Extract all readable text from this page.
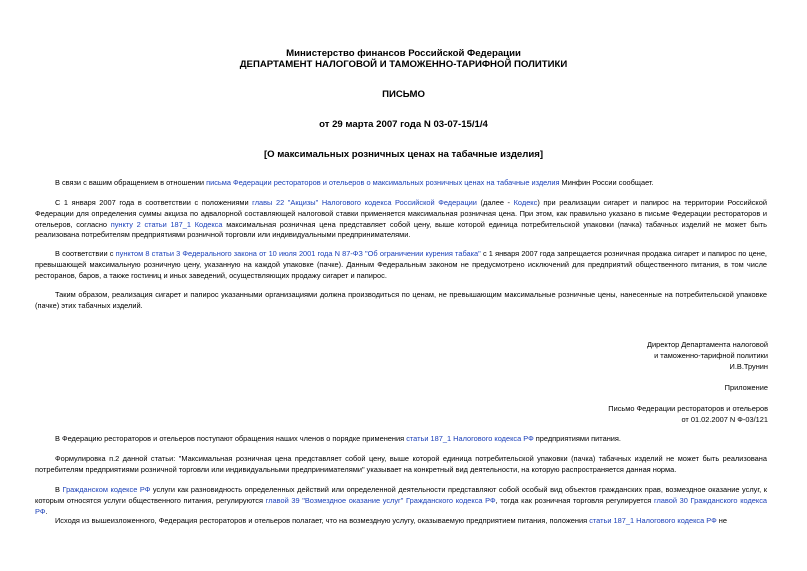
Министерство финансов Российской Федерации
ДЕПАРТАМЕНТ НАЛОГОВОЙ И ТАМОЖЕННО-ТАРИФНОЙ ПОЛИТИКИ
ПИСЬМО
от 29 марта 2007 года N 03-07-15/1/4
[О максимальных розничных ценах на табачные изделия]

В связи с вашим обращением в отношении письма Федерации рестораторов и отельеров о максимальных розничных ценах на табачные изделия Минфин России сообщает.

С 1 января 2007 года в соответствии с положениями главы 22 "Акцизы" Налогового кодекса Российской Федерации (далее - Кодекс) при реализации сигарет и папирос на территории Российской Федерации для определения суммы акциза по адвалорной составляющей налоговой ставки применяется максимальная розничная цена. При этом, как правильно указано в письме Федерации рестораторов и отельеров, согласно пункту 2 статьи 187_1 Кодекса максимальная розничная цена представляет собой цену, выше которой единица потребительской упаковки (пачка) табачных изделий не может быть реализована потребителям предприятиями розничной торговли или индивидуальными предпринимателями.

В соответствии с пунктом 8 статьи 3 Федерального закона от 10 июля 2001 года N 87-ФЗ "Об ограничении курения табака" с 1 января 2007 года запрещается розничная продажа сигарет и папирос по цене, превышающей максимальную розничную цену, указанную на каждой упаковке (пачке). Данным Федеральным законом не предусмотрено исключений для предприятий общественного питания, в том числе ресторанов, баров, а также гостиниц и иных заведений, осуществляющих продажу сигарет и папирос.

Таким образом, реализация сигарет и папирос указанными организациями должна производиться по ценам, не превышающим максимальные розничные цены, нанесенные на потребительской упаковке (пачке) этих табачных изделий.

Директор Департамента налоговой
и таможенно-тарифной политики
И.В.Трунин
Приложение
Письмо Федерации рестораторов и отельеров
от 01.02.2007 N Ф-03/121

В Федерацию рестораторов и отельеров поступают обращения наших членов о порядке применения статьи 187_1 Налогового кодекса РФ предприятиями питания.

Формулировка п.2 данной статьи: "Максимальная розничная цена представляет собой цену, выше которой единица потребительской упаковки (пачка) табачных изделий не может быть реализована потребителям предприятиями розничной торговли или индивидуальными предпринимателями" указывает на конкретный вид деятельности, на которую распространяется данная норма.

В Гражданском кодексе РФ услуги как разновидность определенных действий или определенной деятельности представляют собой особый вид объектов гражданских прав, возмездное оказание услуг, к которым относятся услуги общественного питания, регулируются главой 39 "Возмездное оказание услуг" Гражданского кодекса РФ, тогда как розничная торговля регулируется главой 30 Гражданского кодекса РФ.

Исходя из вышеизложенного, Федерация рестораторов и отельеров полагает, что на возмездную услугу, оказываемую предприятием питания, положения статьи 187_1 Налогового кодекса РФ не
